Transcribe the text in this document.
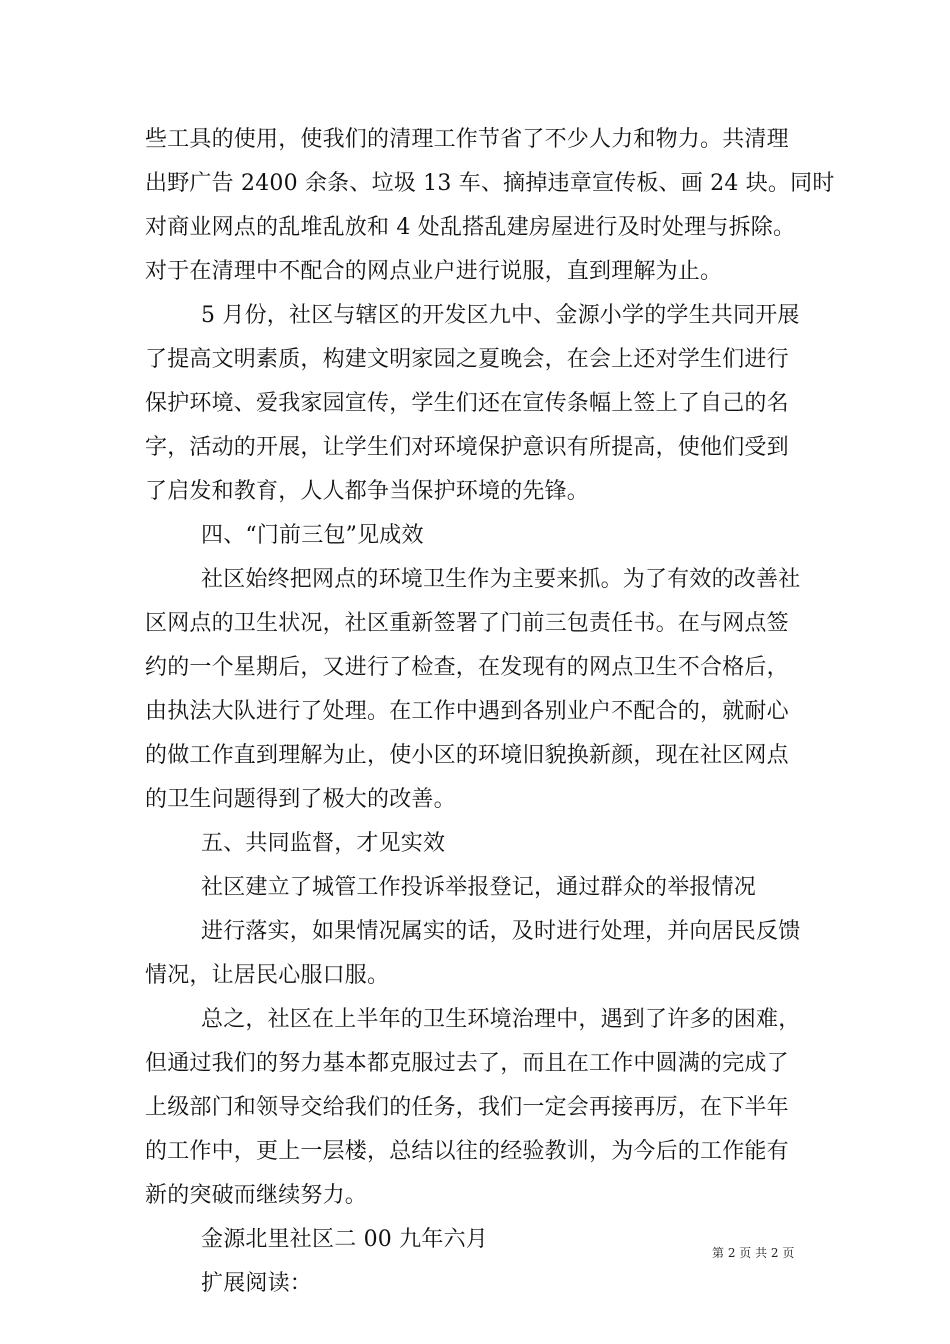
些工具的使用，使我们的清理工作节省了不少人力和物力。共清理
出野广告 2400 余条、垃圾 13 车、摘掉违章宣传板、画 24 块。同时
对商业网点的乱堆乱放和 4 处乱搭乱建房屋进行及时处理与拆除。
对于在清理中不配合的网点业户进行说服，直到理解为止。
5 月份，社区与辖区的开发区九中、金源小学的学生共同开展
了提高文明素质，构建文明家园之夏晚会，在会上还对学生们进行
保护环境、爱我家园宣传，学生们还在宣传条幅上签上了自己的名
字，活动的开展，让学生们对环境保护意识有所提高，使他们受到
了启发和教育，人人都争当保护环境的先锋。
四、“门前三包”见成效
社区始终把网点的环境卫生作为主要来抓。为了有效的改善社
区网点的卫生状况，社区重新签署了门前三包责任书。在与网点签
约的一个星期后，又进行了检查，在发现有的网点卫生不合格后，
由执法大队进行了处理。在工作中遇到各别业户不配合的，就耐心
的做工作直到理解为止，使小区的环境旧貌换新颜，现在社区网点
的卫生问题得到了极大的改善。
五、共同监督，才见实效
社区建立了城管工作投诉举报登记，通过群众的举报情况
进行落实，如果情况属实的话，及时进行处理，并向居民反馈
情况，让居民心服口服。
总之，社区在上半年的卫生环境治理中，遇到了许多的困难，
但通过我们的努力基本都克服过去了，而且在工作中圆满的完成了
上级部门和领导交给我们的任务，我们一定会再接再厉，在下半年
的工作中，更上一层楼，总结以往的经验教训，为今后的工作能有
新的突破而继续努力。
金源北里社区二 00 九年六月
扩展阅读：
第 2 页 共 2 页
